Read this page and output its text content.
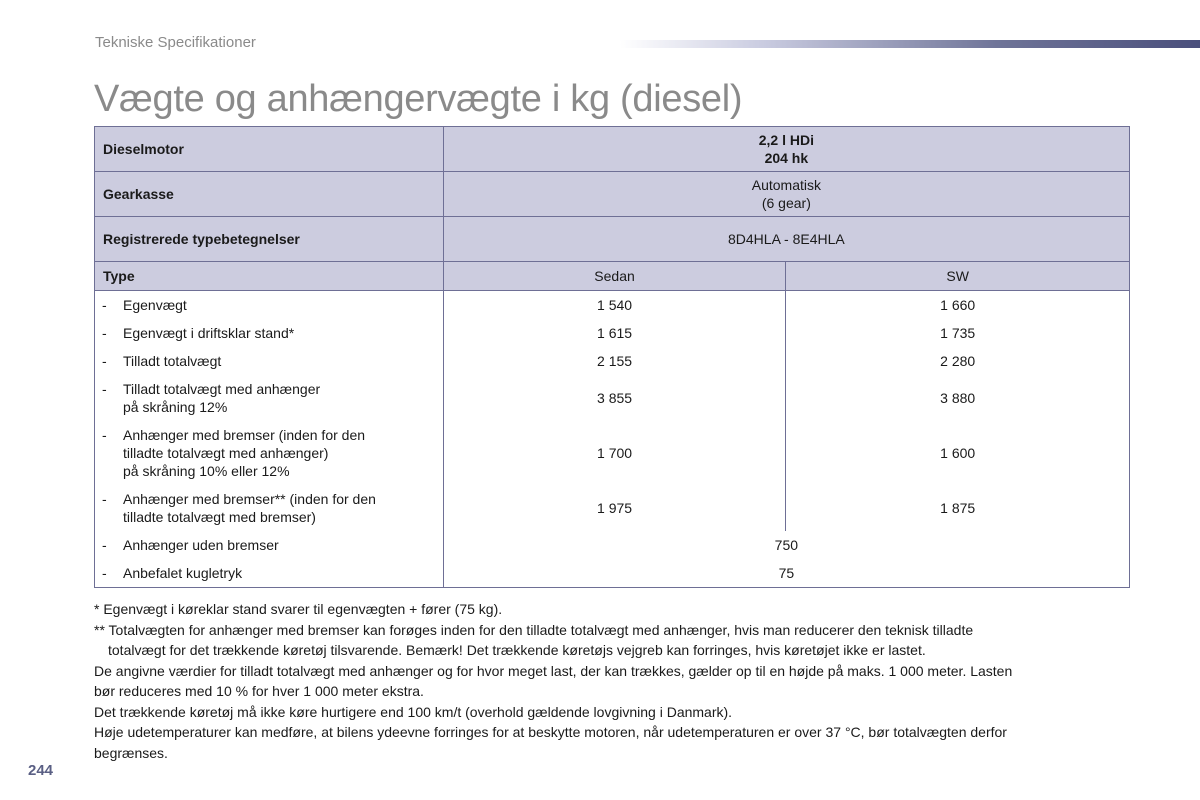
Tekniske Specifikationer
Vægte og anhængervægte i kg (diesel)
Dieselmotor	2,2 l HDi
204 hk	

Gearkasse	Automatisk
(6 gear)	

Registrerede typebetegnelser	8D4HLA - 8E4HLA	
Type	Sedan	SW

- Egenvægt	1 540	1 660

- Egenvægt i driftsklar stand*	1 615	1 735

- Tilladt totalvægt	2 155	2 280

- Tilladt totalvægt med anhænger
på skråning 12%	3 855	3 880

- Anhænger med bremser (inden for den
tilladte totalvægt med anhænger)
på skråning 10% eller 12%	1 700	1 600

- Anhænger med bremser** (inden for den
tilladte totalvægt med bremser)	1 975	1 875

- Anhænger uden bremser	750	

- Anbefalet kugletryk	75	

* Egenvægt i køreklar stand svarer til egenvægten + fører (75 kg).

** Totalvægten for anhænger med bremser kan forøges inden for den tilladte totalvægt med anhænger, hvis man reducerer den teknisk tilladte

totalvægt for det trækkende køretøj tilsvarende. Bemærk! Det trækkende køretøjs vejgreb kan forringes, hvis køretøjet ikke er lastet.

De angivne værdier for tilladt totalvægt med anhænger og for hvor meget last, der kan trækkes, gælder op til en højde på maks. 1 000 meter. Lasten

bør reduceres med 10 % for hver 1 000 meter ekstra.

Det trækkende køretøj må ikke køre hurtigere end 100 km/t (overhold gældende lovgivning i Danmark).

Høje udetemperaturer kan medføre, at bilens ydeevne forringes for at beskytte motoren, når udetemperaturen er over 37 °C, bør totalvægten derfor

begrænses.

244
